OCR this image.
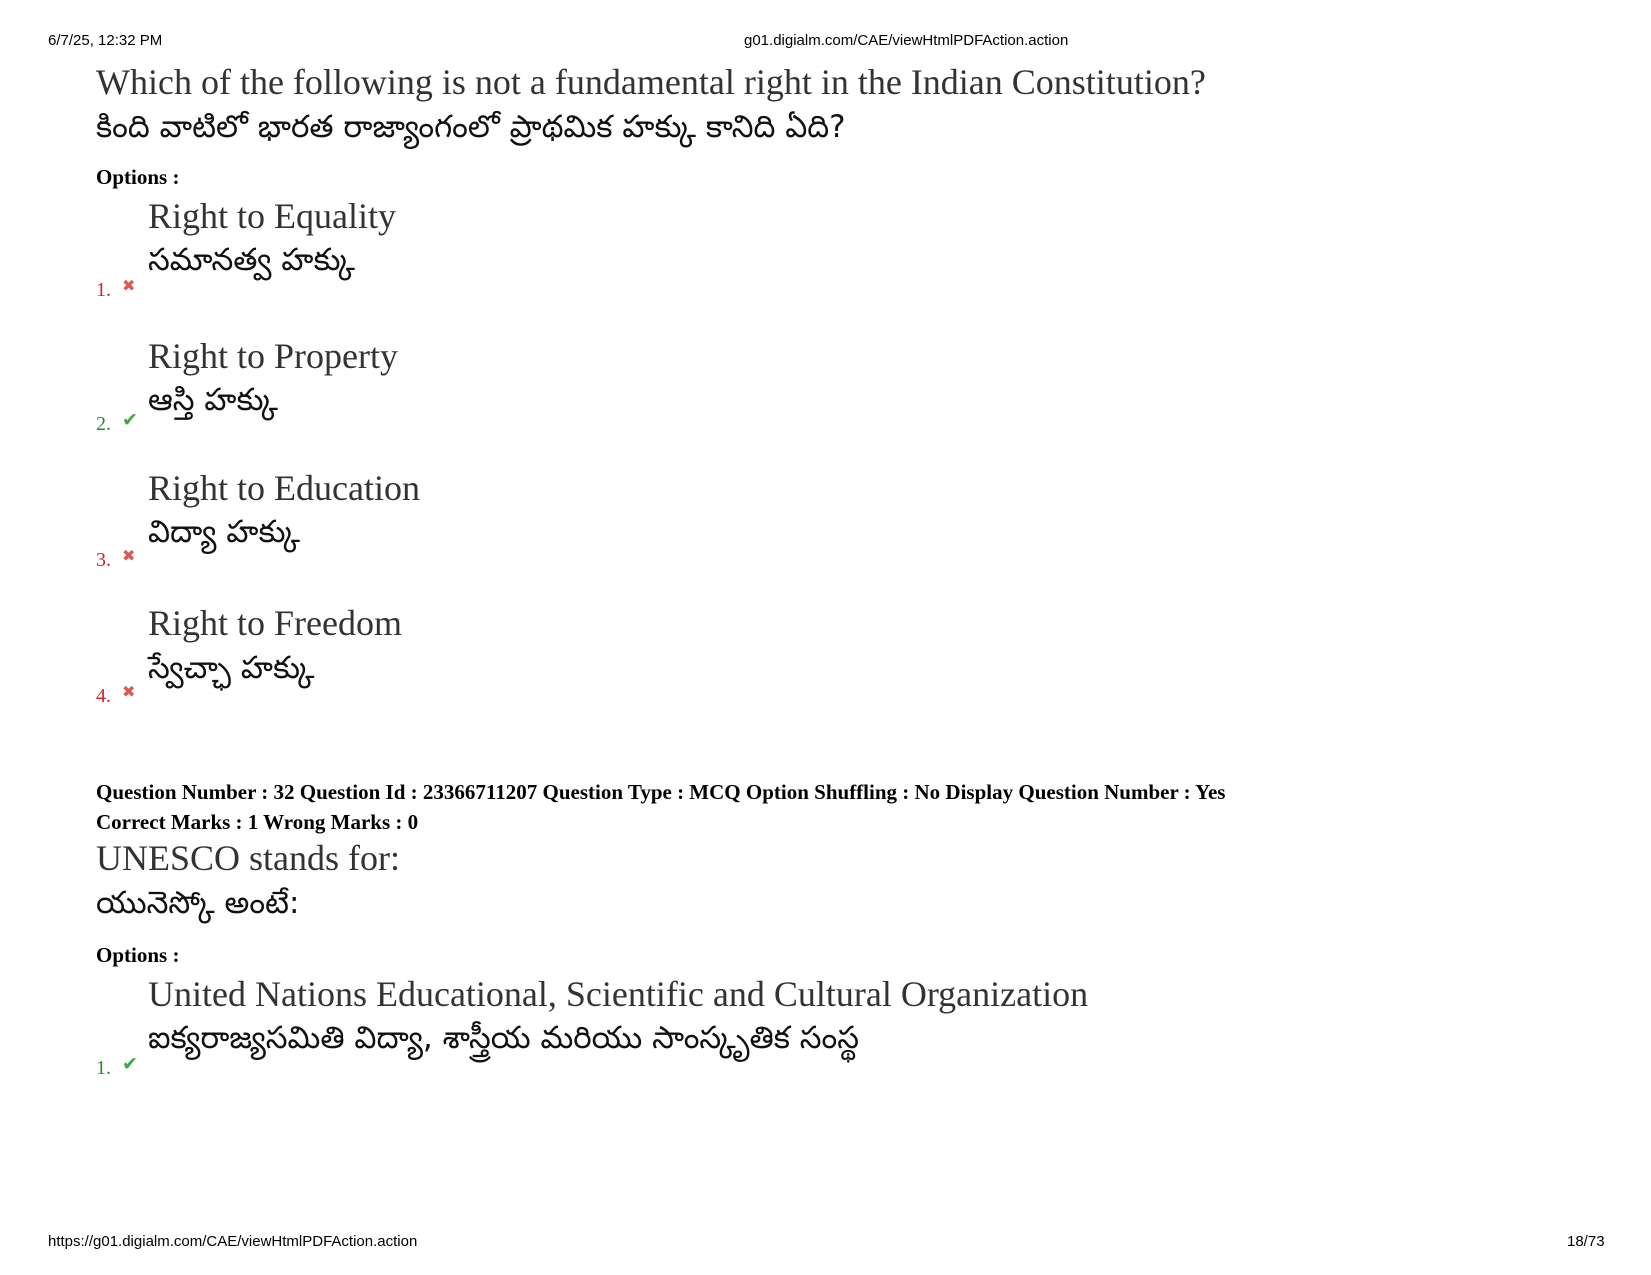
6/7/25, 12:32 PM	g01.digialm.com/CAE/viewHtmlPDFAction.action
Which of the following is not a fundamental right in the Indian Constitution?
కింది వాటిలో భారత రాజ్యాంగంలో ప్రాథమిక హక్కు కానిది ఏది?
Options :
Right to Equality
సమానత్వ హక్కు
1. ✖
Right to Property
ఆస్తి హక్కు
2. ✔
Right to Education
విద్యా హక్కు
3. ✖
Right to Freedom
స్వేచ్ఛా హక్కు
4. ✖
Question Number : 32 Question Id : 23366711207 Question Type : MCQ Option Shuffling : No Display Question Number : Yes
Correct Marks : 1 Wrong Marks : 0
UNESCO stands for:
యునెస్కో అంటే:
Options :
United Nations Educational, Scientific and Cultural Organization
ఐక్యరాజ్యసమితి విద్యా, శాస్త్రీయ మరియు సాంస్కృతిక సంస్థ
1. ✔
https://g01.digialm.com/CAE/viewHtmlPDFAction.action	18/73
